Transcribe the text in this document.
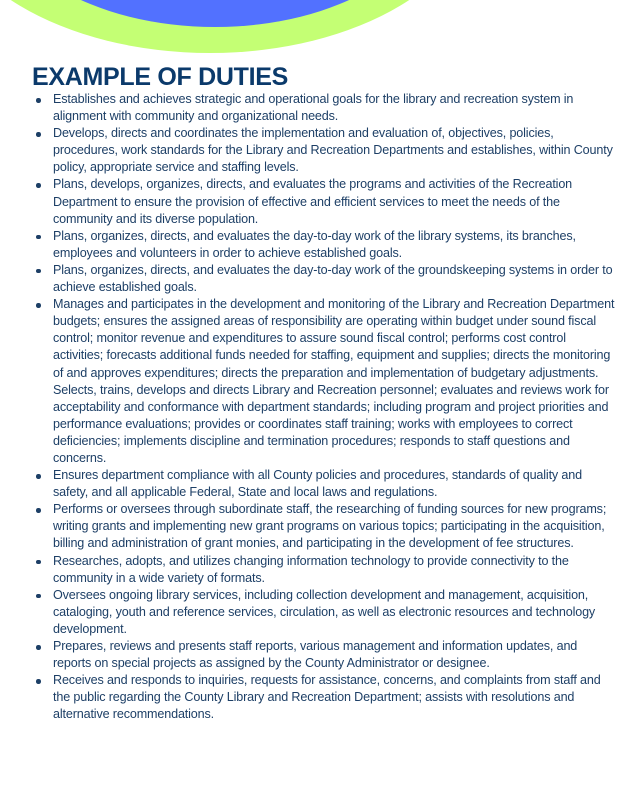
EXAMPLE OF DUTIES
Establishes and achieves strategic and operational goals for the library and recreation system in alignment with community and organizational needs.
Develops, directs and coordinates the implementation and evaluation of, objectives, policies, procedures, work standards for the Library and Recreation Departments and establishes, within County policy, appropriate service and staffing levels.
Plans, develops, organizes, directs, and evaluates the programs and activities of the Recreation Department to ensure the provision of effective and efficient services to meet the needs of the community and its diverse population.
Plans, organizes, directs, and evaluates the day-to-day work of the library systems, its branches, employees and volunteers in order to achieve established goals.
Plans, organizes, directs, and evaluates the day-to-day work of the groundskeeping systems in order to achieve established goals.
Manages and participates in the development and monitoring of the Library and Recreation Department budgets; ensures the assigned areas of responsibility are operating within budget under sound fiscal control; monitor revenue and expenditures to assure sound fiscal control; performs cost control activities; forecasts additional funds needed for staffing, equipment and supplies; directs the monitoring of and approves expenditures; directs the preparation and implementation of budgetary adjustments. Selects, trains, develops and directs Library and Recreation personnel; evaluates and reviews work for acceptability and conformance with department standards; including program and project priorities and performance evaluations; provides or coordinates staff training; works with employees to correct deficiencies; implements discipline and termination procedures; responds to staff questions and concerns.
Ensures department compliance with all County policies and procedures, standards of quality and safety, and all applicable Federal, State and local laws and regulations.
Performs or oversees through subordinate staff, the researching of funding sources for new programs; writing grants and implementing new grant programs on various topics; participating in the acquisition, billing and administration of grant monies, and participating in the development of fee structures.
Researches, adopts, and utilizes changing information technology to provide connectivity to the community in a wide variety of formats.
Oversees ongoing library services, including collection development and management, acquisition, cataloging, youth and reference services, circulation, as well as electronic resources and technology development.
Prepares, reviews and presents staff reports, various management and information updates, and reports on special projects as assigned by the County Administrator or designee.
Receives and responds to inquiries, requests for assistance, concerns, and complaints from staff and the public regarding the County Library and Recreation Department; assists with resolutions and alternative recommendations.
